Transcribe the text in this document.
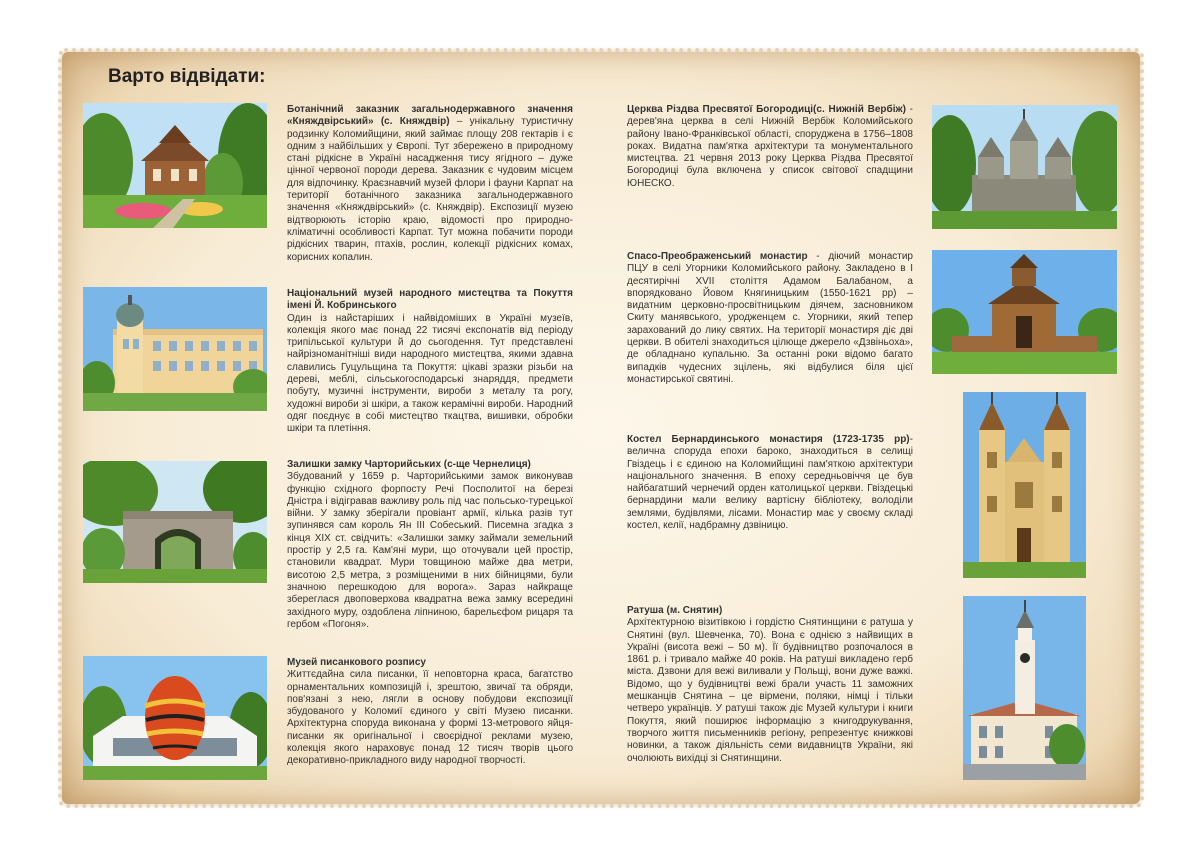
Варто відвідати:
Ботанічний заказник загальнодержавного значення «Княждвірський» (с. Княждвір) – унікальну туристичну родзинку Коломийщини, який займає площу 208 гектарів і є одним з найбільших у Європі. Тут збережено в природному стані рідкісне в Україні насадження тису ягідного – дуже цінної червоної породи дерева. Заказник є чудовим місцем для відпочинку. Краєзнавчий музей флори і фауни Карпат на території ботанічного заказника загальнодержавного значення «Княждвірський» (с. Княждвір). Експозиції музею відтворюють історію краю, відомості про природно-кліматичні особливості Карпат. Тут можна побачити породи рідкісних тварин, птахів, рослин, колекції рідкісних комах, корисних копалин.
Національний музей народного мистецтва та Покуття імені Й. Кобринського
Один із найстаріших і найвідоміших в Україні музеїв, колекція якого має понад 22 тисячі експонатів від періоду трипільської культури й до сьогодення. Тут представлені найрізноманітніші види народного мистецтва, якими здавна славились Гуцульщина та Покуття: цікаві зразки різьби на дереві, меблі, сільськогосподарські знаряддя, предмети побуту, музичні інструменти, вироби з металу та рогу, художні вироби зі шкіри, а також керамічні вироби. Народний одяг поєднує в собі мистецтво ткацтва, вишивки, обробки шкіри та плетіння.
Залишки замку Чарторийських (с-ще Чернелиця)
Збудований у 1659 р. Чарторийськими замок виконував функцію східного форпосту Речі Посполитої на березі Дністра і відігравав важливу роль під час польсько-турецької війни. У замку зберігали провіант армії, кілька разів тут зупинявся сам король Ян ІІІ Собеський. Писемна згадка з кінця XIX ст. свідчить: «Залишки замку займали земельний простір у 2,5 га. Кам'яні мури, що оточували цей простір, становили квадрат. Мури товщиною майже два метри, висотою 2,5 метра, з розміщеними в них бійницями, були значною перешкодою для ворога». Зараз найкраще збереглася двоповерхова квадратна вежа замку всередині західного муру, оздоблена ліпниною, барельєфом рицаря та гербом «Погоня».
Музей писанкового розпису
Життєдайна сила писанки, її неповторна краса, багатство орнаментальних композицій і, зрештою, звичаї та обряди, пов'язані з нею, лягли в основу побудови експозиції збудованого у Коломиї єдиного у світі Музею писанки. Архітектурна споруда виконана у формі 13-метрового яйця-писанки як оригінальної і своєрідної реклами музею, колекція якого нараховує понад 12 тисяч творів цього декоративно-прикладного виду народної творчості.
Церква Різдва Пресвятої Богородиці(с. Нижній Вербіж) - дерев'яна церква в селі Нижній Вербіж Коломийського району Івано-Франківської області, споруджена в 1756–1808 роках. Видатна пам'ятка архітектури та монументального мистецтва. 21 червня 2013 року Церква Різдва Пресвятої Богородиці була включена у список світової спадщини ЮНЕСКО.
Спасо-Преображенський монастир - діючий монастир ПЦУ в селі Угорники Коломийського району. Закладено в І десятирічні XVII століття Адамом Балабаном, а впорядковано Йовом Княгиницьким (1550-1621 рр) – видатним церковно-просвітницьким діячем, засновником Скиту манявського, уродженцем с. Угорники, який тепер зарахований до лику святих. На території монастиря діє дві церкви. В обителі знаходиться цілюще джерело «Дзвіньоха», де обладнано купальню. За останні роки відомо багато випадків чудесних зцілень, які відбулися біля цієї монастирської святині.
Костел Бернардинського монастиря (1723-1735 рр)- велична споруда епохи бароко, знаходиться в селищі Гвіздець і є єдиною на Коломийщині пам'яткою архітектури національного значення. В епоху середньовіччя це був найбагатший чернечий орден католицької церкви. Гвіздецькі бернардини мали велику вартісну бібліотеку, володіли землями, будівлями, лісами. Монастир має у своєму складі костел, келії, надбрамну дзвіницю.
Ратуша (м. Снятин)
Архітектурною візитівкою і гордістю Снятинщини є ратуша у Снятині (вул. Шевченка, 70). Вона є однією з найвищих в Україні (висота вежі – 50 м). Її будівництво розпочалося в 1861 р. і тривало майже 40 років. На ратуші викладено герб міста. Дзвони для вежі виливали у Польщі, вони дуже важкі. Відомо, що у будівництві вежі брали участь 11 заможних мешканців Снятина – це вірмени, поляки, німці і тільки четверо українців. У ратуші також діє Музей культури і книги Покуття, який поширює інформацію з книгодрукування, творчого життя письменників регіону, репрезентує книжкові новинки, а також діяльність семи видавництв України, які очолюють вихідці зі Снятинщини.
